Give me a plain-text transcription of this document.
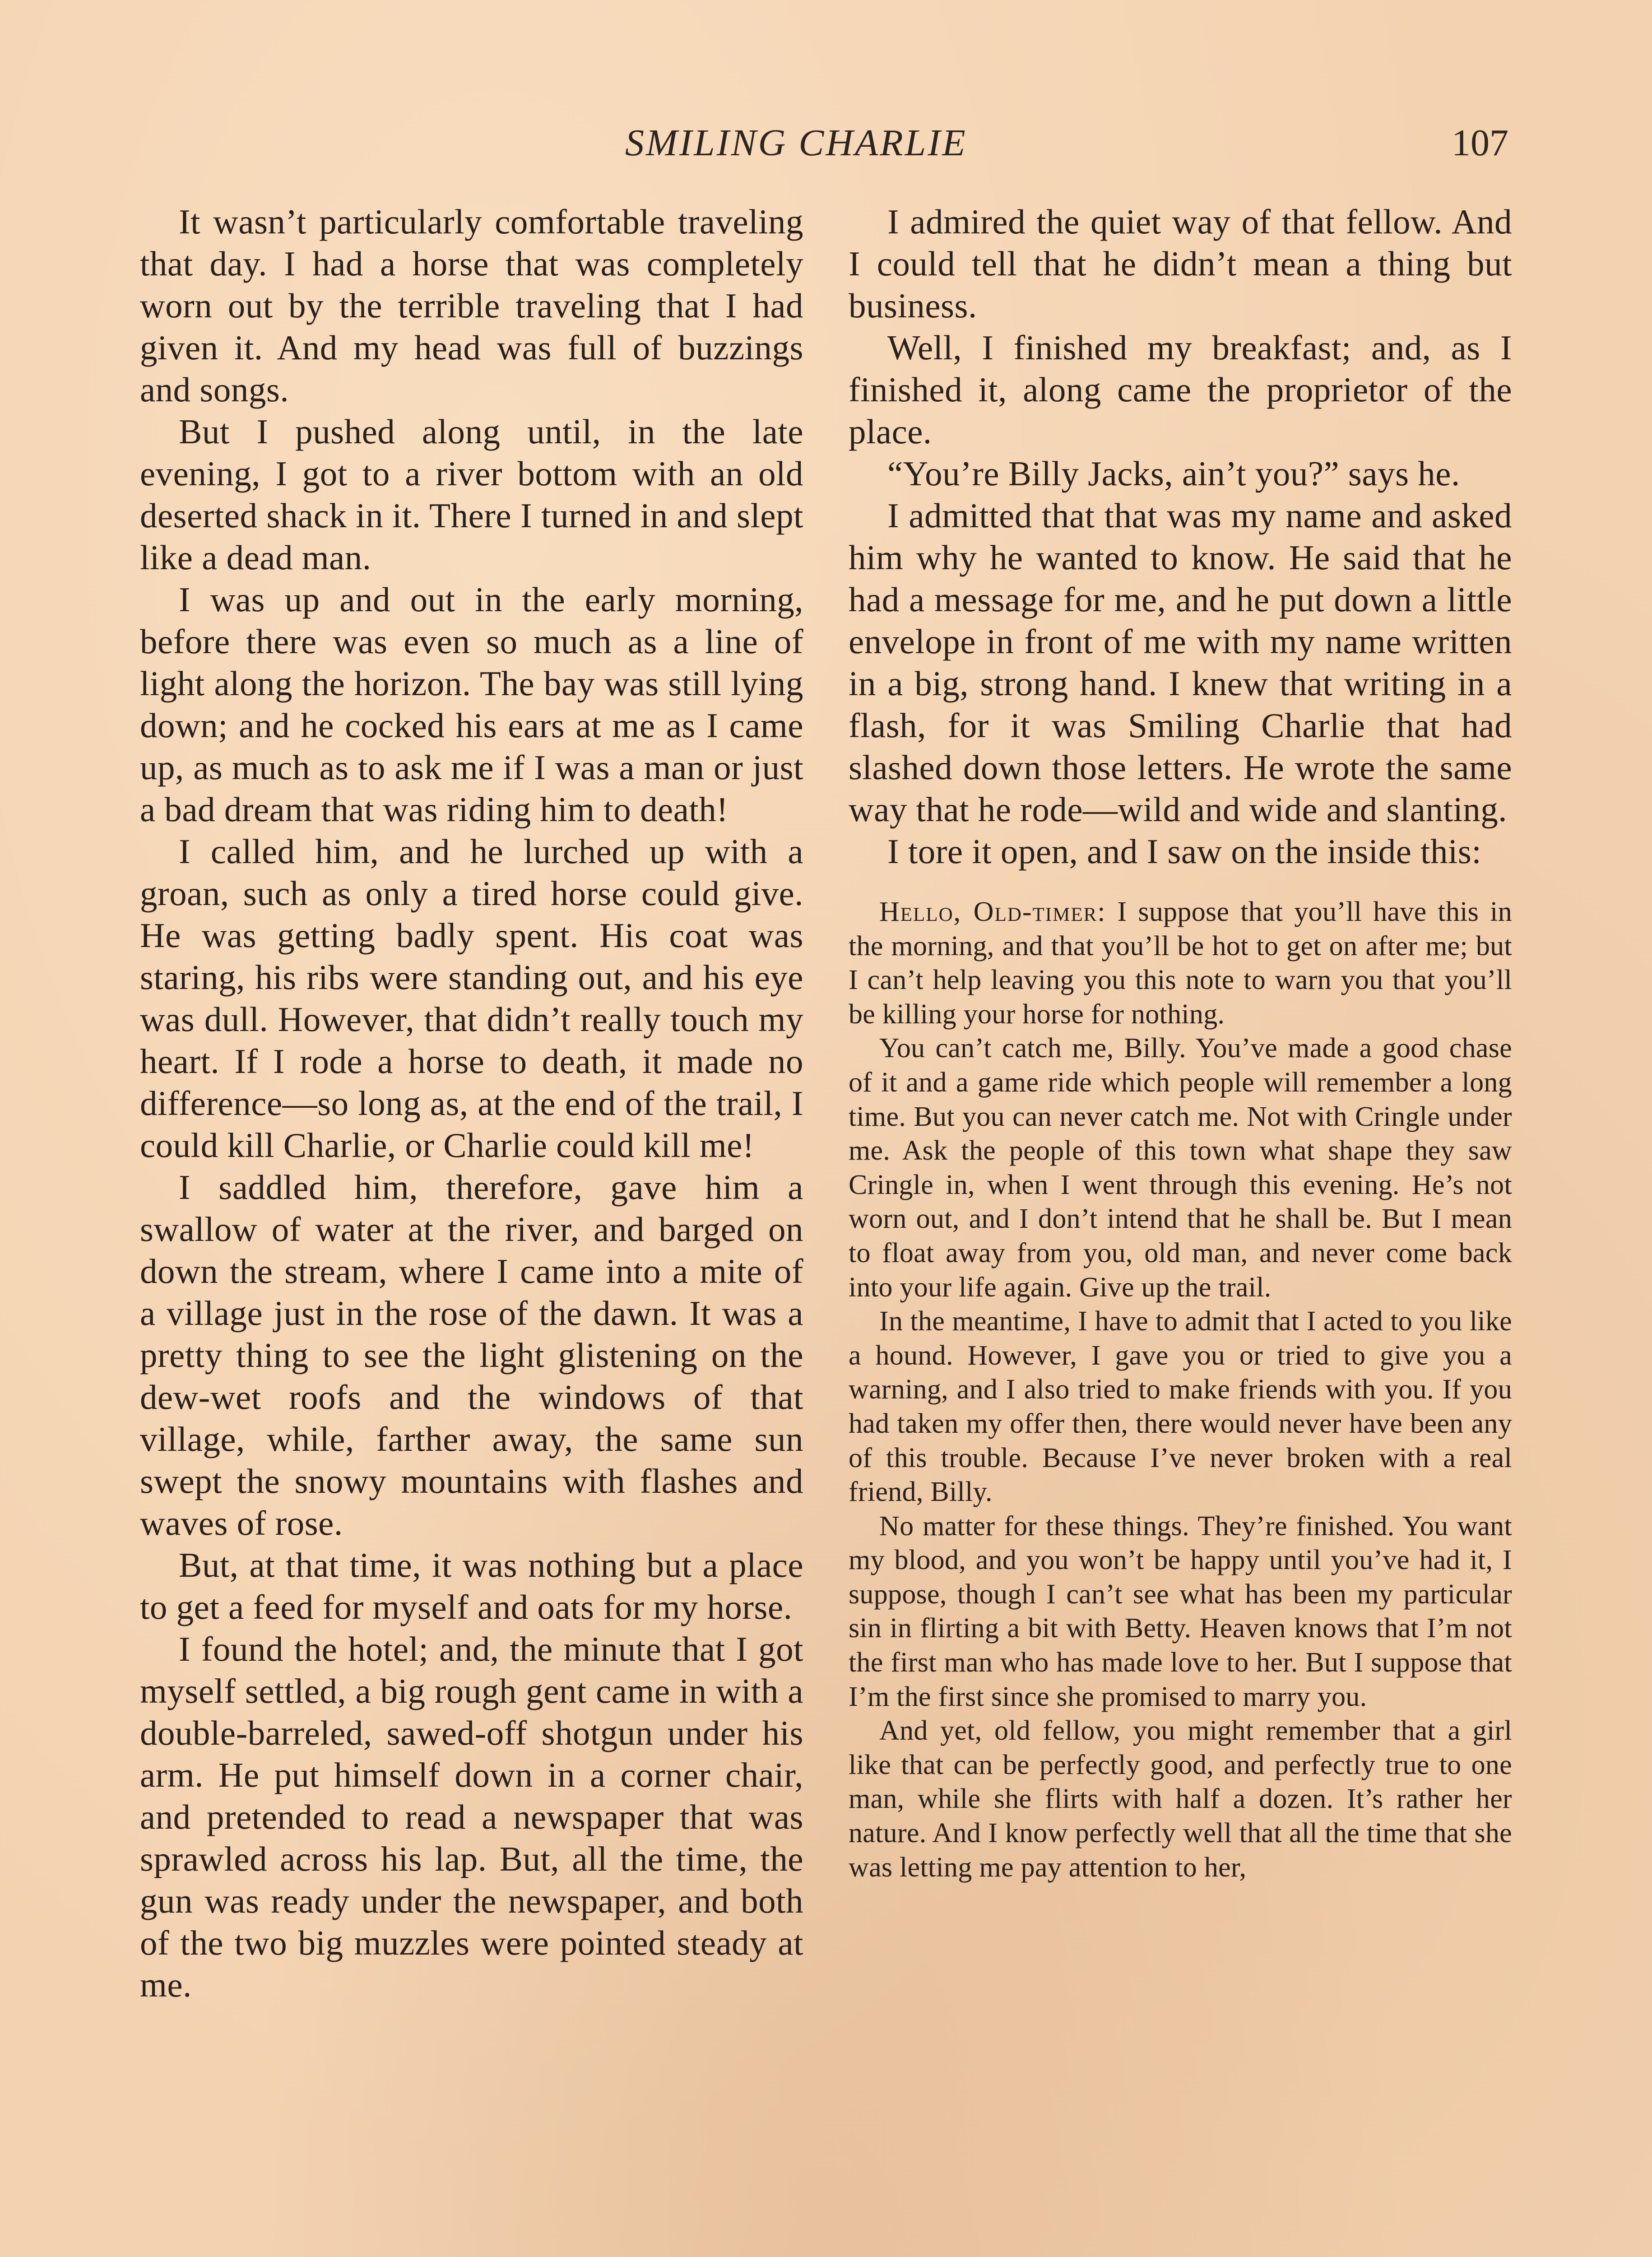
SMILING CHARLIE	107

It wasn’t particularly comfortable traveling that day. I had a horse that was completely worn out by the terrible traveling that I had given it. And my head was full of buzzings and songs.

But I pushed along until, in the late evening, I got to a river bottom with an old deserted shack in it. There I turned in and slept like a dead man.

I was up and out in the early morning, before there was even so much as a line of light along the horizon. The bay was still lying down; and he cocked his ears at me as I came up, as much as to ask me if I was a man or just a bad dream that was riding him to death!

I called him, and he lurched up with a groan, such as only a tired horse could give. He was getting badly spent. His coat was staring, his ribs were standing out, and his eye was dull. However, that didn’t really touch my heart. If I rode a horse to death, it made no difference—so long as, at the end of the trail, I could kill Charlie, or Charlie could kill me!

I saddled him, therefore, gave him a swallow of water at the river, and barged on down the stream, where I came into a mite of a village just in the rose of the dawn. It was a pretty thing to see the light glistening on the dew-wet roofs and the windows of that village, while, farther away, the same sun swept the snowy mountains with flashes and waves of rose.

But, at that time, it was nothing but a place to get a feed for myself and oats for my horse.

I found the hotel; and, the minute that I got myself settled, a big rough gent came in with a double-barreled, sawed-off shotgun under his arm. He put himself down in a corner chair, and pretended to read a newspaper that was sprawled across his lap. But, all the time, the gun was ready under the newspaper, and both of the two big muzzles were pointed steady at me.

I admired the quiet way of that fellow. And I could tell that he didn’t mean a thing but business.

Well, I finished my breakfast; and, as I finished it, along came the proprietor of the place.

“You’re Billy Jacks, ain’t you?” says he.

I admitted that that was my name and asked him why he wanted to know. He said that he had a message for me, and he put down a little envelope in front of me with my name written in a big, strong hand. I knew that writing in a flash, for it was Smiling Charlie that had slashed down those letters. He wrote the same way that he rode—wild and wide and slanting.

I tore it open, and I saw on the inside this:

Hello, Old-timer: I suppose that you’ll have this in the morning, and that you’ll be hot to get on after me; but I can’t help leaving you this note to warn you that you’ll be killing your horse for nothing.

You can’t catch me, Billy. You’ve made a good chase of it and a game ride which people will remember a long time. But you can never catch me. Not with Cringle under me. Ask the people of this town what shape they saw Cringle in, when I went through this evening. He’s not worn out, and I don’t intend that he shall be. But I mean to float away from you, old man, and never come back into your life again. Give up the trail.

In the meantime, I have to admit that I acted to you like a hound. However, I gave you or tried to give you a warning, and I also tried to make friends with you. If you had taken my offer then, there would never have been any of this trouble. Because I’ve never broken with a real friend, Billy.

No matter for these things. They’re finished. You want my blood, and you won’t be happy until you’ve had it, I suppose, though I can’t see what has been my particular sin in flirting a bit with Betty. Heaven knows that I’m not the first man who has made love to her. But I suppose that I’m the first since she promised to marry you.

And yet, old fellow, you might remember that a girl like that can be perfectly good, and perfectly true to one man, while she flirts with half a dozen. It’s rather her nature. And I know perfectly well that all the time that she was letting me pay attention to her,
